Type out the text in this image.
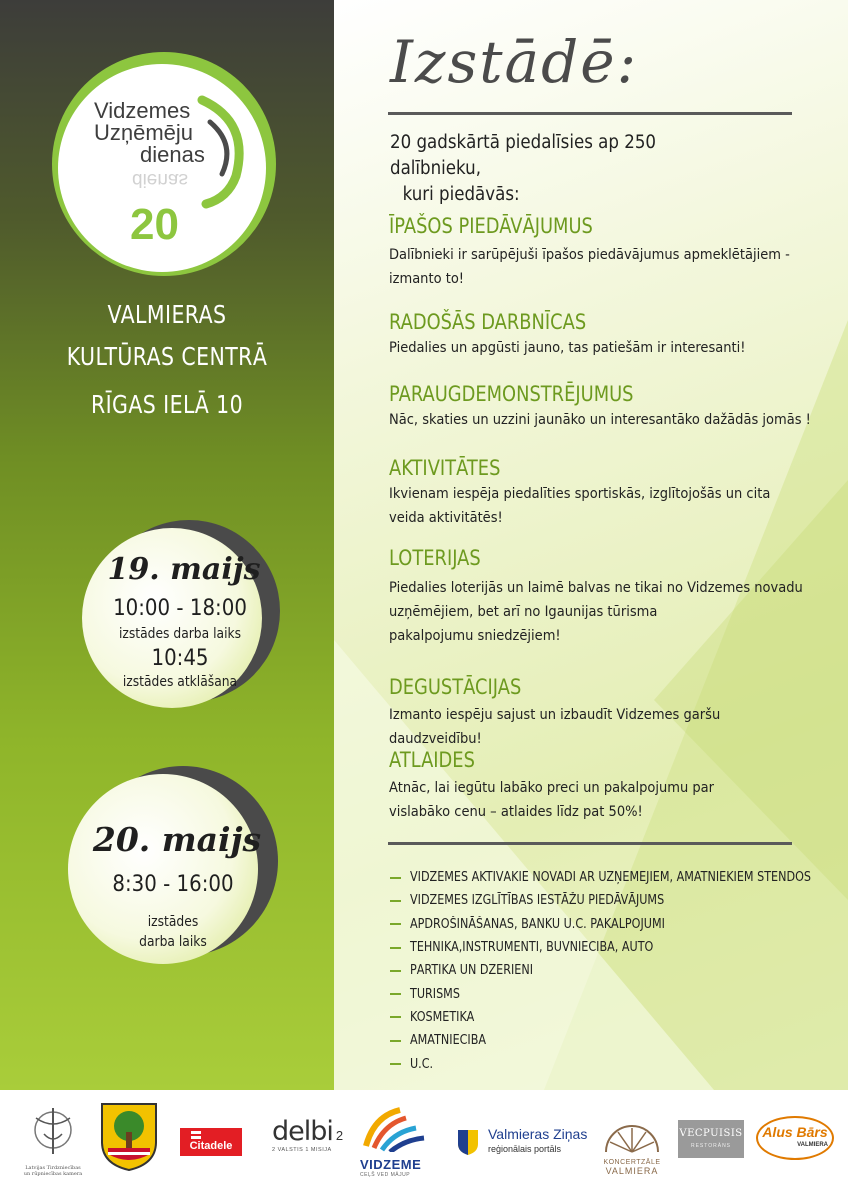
Vidzemes
Uzņēmēju
dienas
dienas
20
VALMIERAS
KULTŪRAS CENTRĀ
RĪGAS IELĀ 10
19. maijs
10:00 - 18:00
izstādes darba laiks
10:45
izstādes atklāšana
20. maijs
8:30 - 16:00
izstādes
darba laiks
Izstādē:
20 gadskārtā piedalīsies ap 250 dalībnieku,
kuri piedāvās:
ĪPAŠOS PIEDĀVĀJUMUS
Dalībnieki ir sarūpējuši īpašos piedāvājumus apmeklētājiem -
izmanto to!
RADOŠĀS DARBNĪCAS
Piedalies un apgūsti jauno, tas patiešām ir interesanti!
PARAUGDEMONSTRĒJUMUS
Nāc, skaties un uzzini jaunāko un interesantāko dažādās jomās !
AKTIVITĀTES
Ikvienam iespēja piedalīties sportiskās, izglītojošās un cita
veida aktivitātēs!
LOTERIJAS
Piedalies loterijās un laimē balvas ne tikai no Vidzemes novadu
uzņēmējiem, bet arī no Igaunijas tūrisma
pakalpojumu sniedzējiem!
DEGUSTĀCIJAS
Izmanto iespēju sajust un izbaudīt Vidzemes garšu daudzveidību!
ATLAIDES
Atnāc, lai iegūtu labāko preci un pakalpojumu par
vislabāko cenu – atlaides līdz pat 50%!
VIDZEMES AKTĪVĀKIE NOVADI AR UZŅĒMĒJIEM, AMATNIEKIEM STENDOS
VIDZEMES IZGLĪTĪBAS IESTĀŽU PIEDĀVĀJUMS
APDROŠINĀŠANAS, BANKU U.C. PAKALPOJUMI
TEHNIKA,INSTRUMENTI, BŪVNIECĪBA, AUTO
PĀRTIKA UN DZĒRIENI
TŪRISMS
KOSMĒTIKA
AMATNIECĪBA
U.C.
Latvijas Tirdzniecības un rūpniecības kamera
Citadele	delbi 2
2 VALSTIS 1 MISIJA
VIDZEME
CEĻŠ VED MĀJUP
Valmieras Ziņas
reģionālais portāls
KONCERTZĀLE
VALMIERA
VECPUISIS
RESTORĀNS
Alus Bārs
VALMIERA
